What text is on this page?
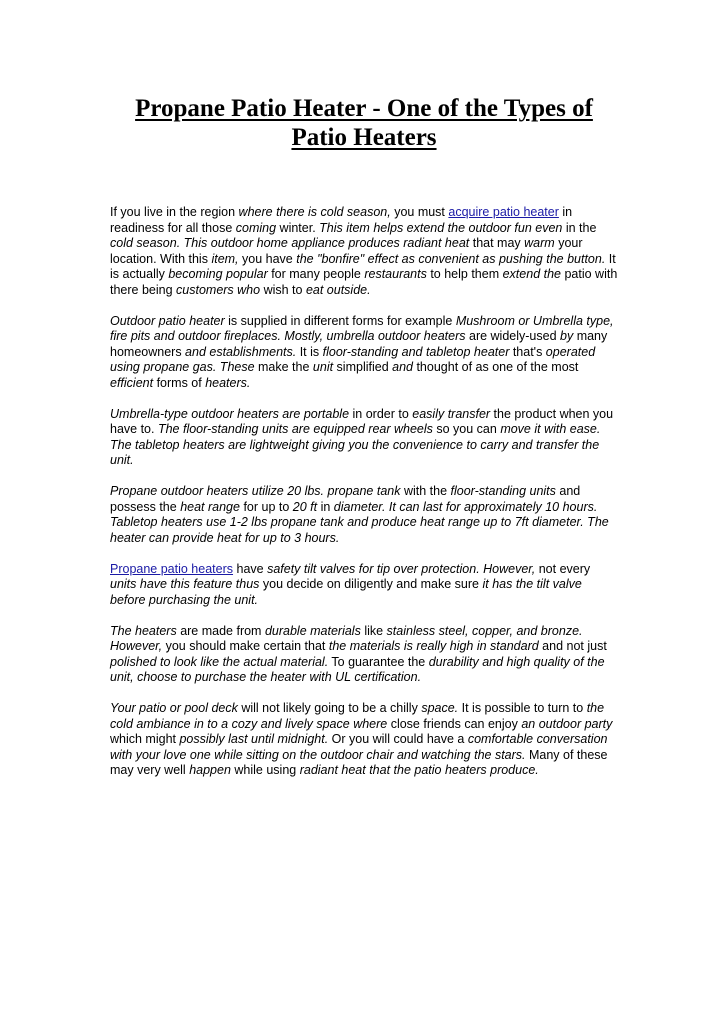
Propane Patio Heater - One of the Types of Patio Heaters

If you live in the region where there is cold season, you must acquire patio heater in readiness for all those coming winter. This item helps extend the outdoor fun even in the cold season. This outdoor home appliance produces radiant heat that may warm your location. With this item, you have the "bonfire" effect as convenient as pushing the button. It is actually becoming popular for many people restaurants to help them extend the patio with there being customers who wish to eat outside.

Outdoor patio heater is supplied in different forms for example Mushroom or Umbrella type, fire pits and outdoor fireplaces. Mostly, umbrella outdoor heaters are widely-used by many homeowners and establishments. It is floor-standing and tabletop heater that's operated using propane gas. These make the unit simplified and thought of as one of the most efficient forms of heaters.

Umbrella-type outdoor heaters are portable in order to easily transfer the product when you have to. The floor-standing units are equipped rear wheels so you can move it with ease. The tabletop heaters are lightweight giving you the convenience to carry and transfer the unit.

Propane outdoor heaters utilize 20 lbs. propane tank with the floor-standing units and possess the heat range for up to 20 ft in diameter. It can last for approximately 10 hours. Tabletop heaters use 1-2 lbs propane tank and produce heat range up to 7ft diameter. The heater can provide heat for up to 3 hours.

Propane patio heaters have safety tilt valves for tip over protection. However, not every units have this feature thus you decide on diligently and make sure it has the tilt valve before purchasing the unit.

The heaters are made from durable materials like stainless steel, copper, and bronze. However, you should make certain that the materials is really high in standard and not just polished to look like the actual material. To guarantee the durability and high quality of the unit, choose to purchase the heater with UL certification.

Your patio or pool deck will not likely going to be a chilly space. It is possible to turn to the cold ambiance in to a cozy and lively space where close friends can enjoy an outdoor party which might possibly last until midnight. Or you will could have a comfortable conversation with your love one while sitting on the outdoor chair and watching the stars. Many of these may very well happen while using radiant heat that the patio heaters produce.
